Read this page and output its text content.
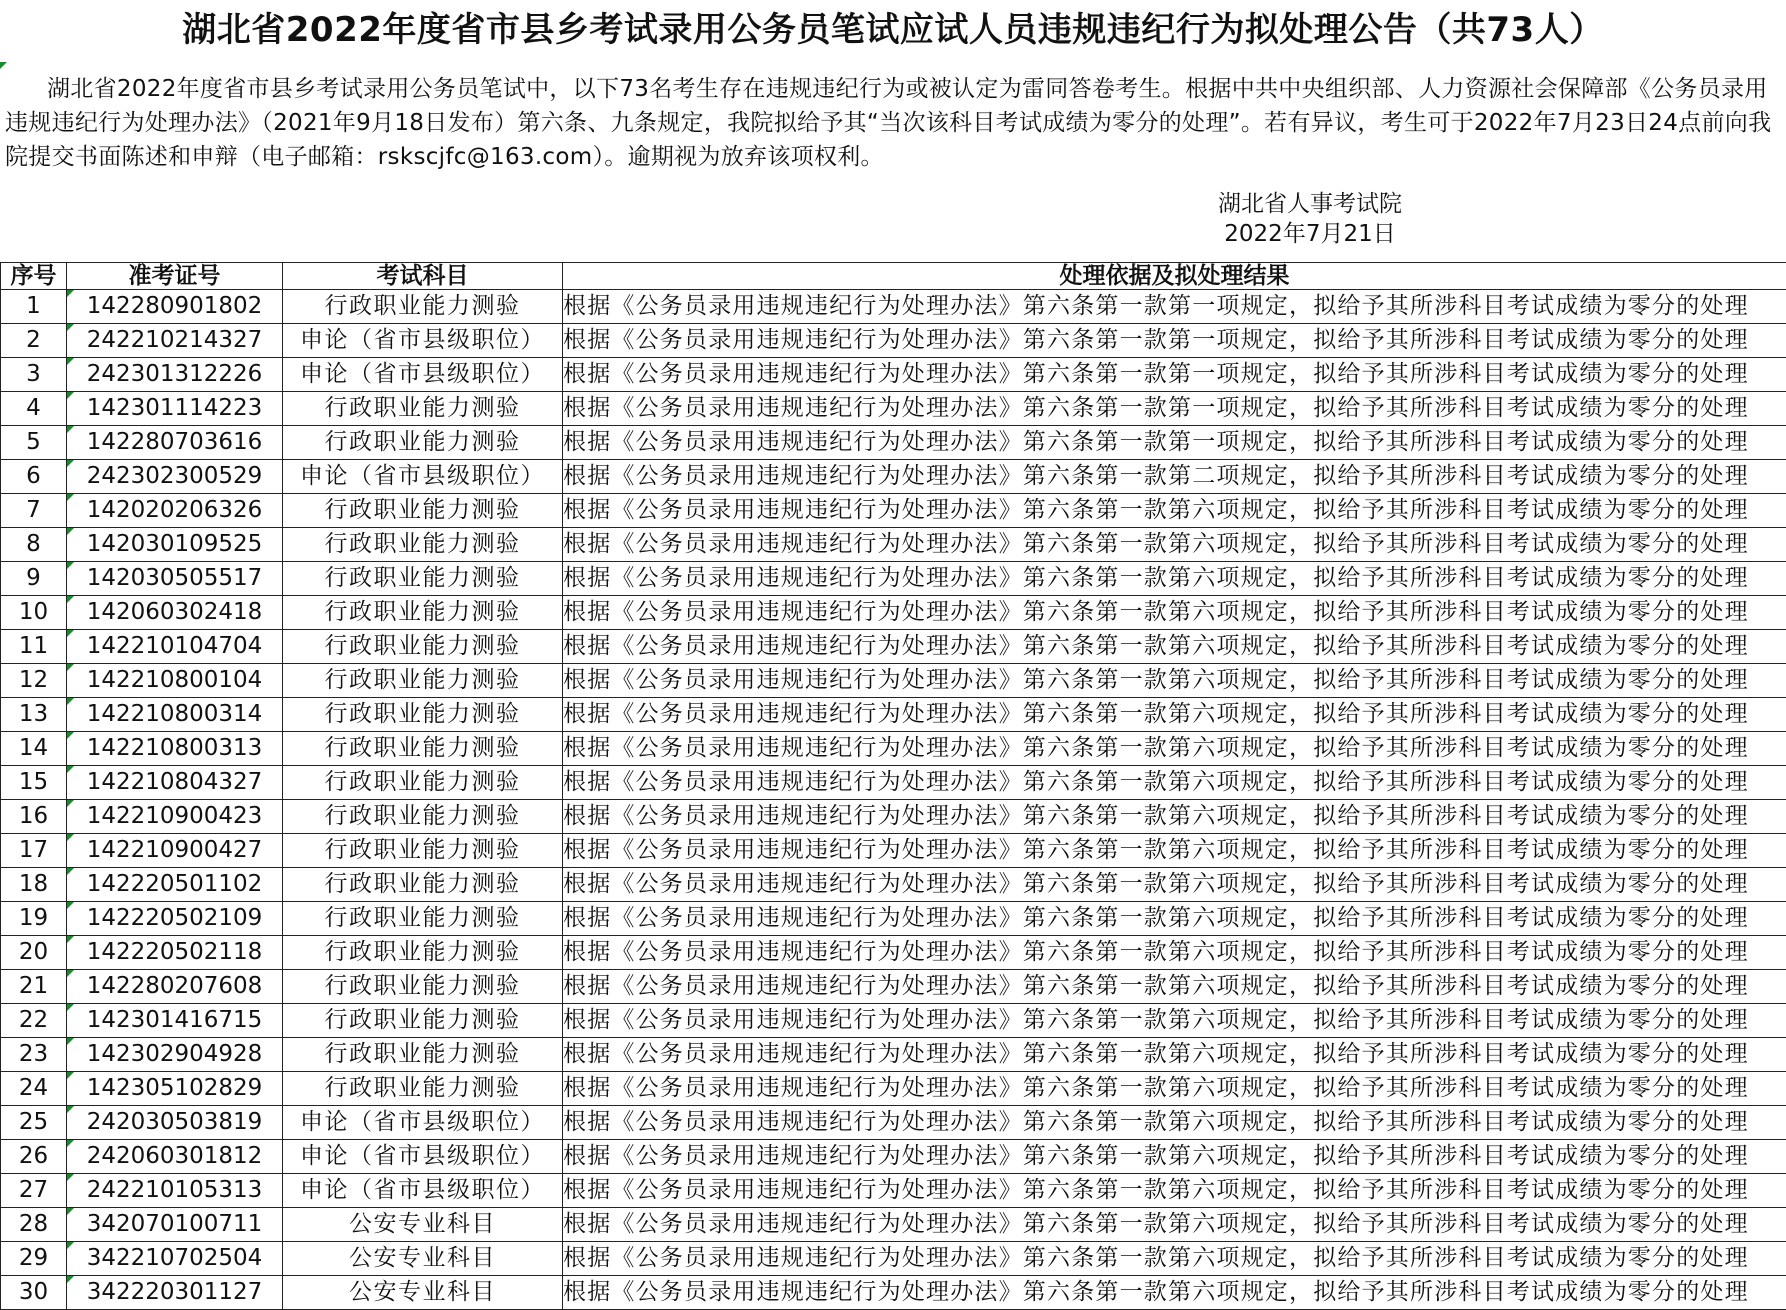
湖北省2022年度省市县乡考试录用公务员笔试应试人员违规违纪行为拟处理公告（共73人）

湖北省2022年度省市县乡考试录用公务员笔试中，以下73名考生存在违规违纪行为或被认定为雷同答卷考生。根据中共中央组织部、人力资源社会保障部《公务员录用违规违纪行为处理办法》（2021年9月18日发布）第六条、九条规定，我院拟给予其“当次该科目考试成绩为零分的处理”。若有异议，考生可于2022年7月23日24点前向我院提交书面陈述和申辩（电子邮箱：rskscjfc@163.com）。逾期视为放弃该项权利。

湖北省人事考试院
2022年7月21日
序号	准考证号	考试科目	处理依据及拟处理结果
1	142280901802	行政职业能力测验	根据《公务员录用违规违纪行为处理办法》第六条第一款第一项规定，拟给予其所涉科目考试成绩为零分的处理
2	242210214327	申论（省市县级职位）	根据《公务员录用违规违纪行为处理办法》第六条第一款第一项规定，拟给予其所涉科目考试成绩为零分的处理
3	242301312226	申论（省市县级职位）	根据《公务员录用违规违纪行为处理办法》第六条第一款第一项规定，拟给予其所涉科目考试成绩为零分的处理
4	142301114223	行政职业能力测验	根据《公务员录用违规违纪行为处理办法》第六条第一款第一项规定，拟给予其所涉科目考试成绩为零分的处理
5	142280703616	行政职业能力测验	根据《公务员录用违规违纪行为处理办法》第六条第一款第一项规定，拟给予其所涉科目考试成绩为零分的处理
6	242302300529	申论（省市县级职位）	根据《公务员录用违规违纪行为处理办法》第六条第一款第二项规定，拟给予其所涉科目考试成绩为零分的处理
7	142020206326	行政职业能力测验	根据《公务员录用违规违纪行为处理办法》第六条第一款第六项规定，拟给予其所涉科目考试成绩为零分的处理
8	142030109525	行政职业能力测验	根据《公务员录用违规违纪行为处理办法》第六条第一款第六项规定，拟给予其所涉科目考试成绩为零分的处理
9	142030505517	行政职业能力测验	根据《公务员录用违规违纪行为处理办法》第六条第一款第六项规定，拟给予其所涉科目考试成绩为零分的处理
10	142060302418	行政职业能力测验	根据《公务员录用违规违纪行为处理办法》第六条第一款第六项规定，拟给予其所涉科目考试成绩为零分的处理
11	142210104704	行政职业能力测验	根据《公务员录用违规违纪行为处理办法》第六条第一款第六项规定，拟给予其所涉科目考试成绩为零分的处理
12	142210800104	行政职业能力测验	根据《公务员录用违规违纪行为处理办法》第六条第一款第六项规定，拟给予其所涉科目考试成绩为零分的处理
13	142210800314	行政职业能力测验	根据《公务员录用违规违纪行为处理办法》第六条第一款第六项规定，拟给予其所涉科目考试成绩为零分的处理
14	142210800313	行政职业能力测验	根据《公务员录用违规违纪行为处理办法》第六条第一款第六项规定，拟给予其所涉科目考试成绩为零分的处理
15	142210804327	行政职业能力测验	根据《公务员录用违规违纪行为处理办法》第六条第一款第六项规定，拟给予其所涉科目考试成绩为零分的处理
16	142210900423	行政职业能力测验	根据《公务员录用违规违纪行为处理办法》第六条第一款第六项规定，拟给予其所涉科目考试成绩为零分的处理
17	142210900427	行政职业能力测验	根据《公务员录用违规违纪行为处理办法》第六条第一款第六项规定，拟给予其所涉科目考试成绩为零分的处理
18	142220501102	行政职业能力测验	根据《公务员录用违规违纪行为处理办法》第六条第一款第六项规定，拟给予其所涉科目考试成绩为零分的处理
19	142220502109	行政职业能力测验	根据《公务员录用违规违纪行为处理办法》第六条第一款第六项规定，拟给予其所涉科目考试成绩为零分的处理
20	142220502118	行政职业能力测验	根据《公务员录用违规违纪行为处理办法》第六条第一款第六项规定，拟给予其所涉科目考试成绩为零分的处理
21	142280207608	行政职业能力测验	根据《公务员录用违规违纪行为处理办法》第六条第一款第六项规定，拟给予其所涉科目考试成绩为零分的处理
22	142301416715	行政职业能力测验	根据《公务员录用违规违纪行为处理办法》第六条第一款第六项规定，拟给予其所涉科目考试成绩为零分的处理
23	142302904928	行政职业能力测验	根据《公务员录用违规违纪行为处理办法》第六条第一款第六项规定，拟给予其所涉科目考试成绩为零分的处理
24	142305102829	行政职业能力测验	根据《公务员录用违规违纪行为处理办法》第六条第一款第六项规定，拟给予其所涉科目考试成绩为零分的处理
25	242030503819	申论（省市县级职位）	根据《公务员录用违规违纪行为处理办法》第六条第一款第六项规定，拟给予其所涉科目考试成绩为零分的处理
26	242060301812	申论（省市县级职位）	根据《公务员录用违规违纪行为处理办法》第六条第一款第六项规定，拟给予其所涉科目考试成绩为零分的处理
27	242210105313	申论（省市县级职位）	根据《公务员录用违规违纪行为处理办法》第六条第一款第六项规定，拟给予其所涉科目考试成绩为零分的处理
28	342070100711	公安专业科目	根据《公务员录用违规违纪行为处理办法》第六条第一款第六项规定，拟给予其所涉科目考试成绩为零分的处理
29	342210702504	公安专业科目	根据《公务员录用违规违纪行为处理办法》第六条第一款第六项规定，拟给予其所涉科目考试成绩为零分的处理
30	342220301127	公安专业科目	根据《公务员录用违规违纪行为处理办法》第六条第一款第六项规定，拟给予其所涉科目考试成绩为零分的处理
